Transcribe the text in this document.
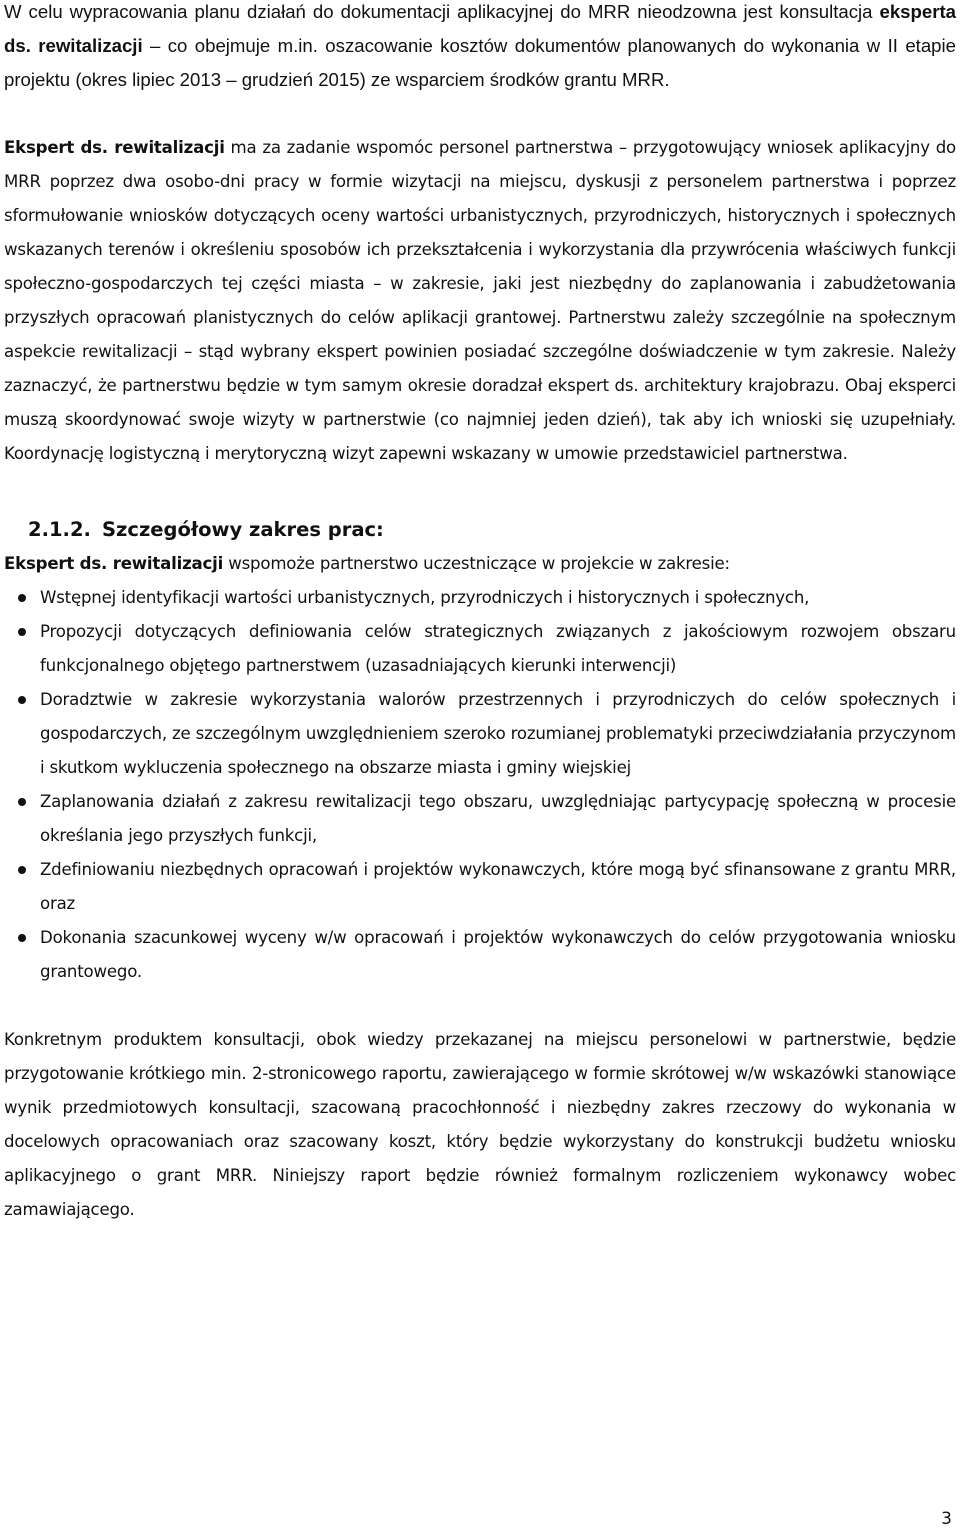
W celu wypracowania planu działań do dokumentacji aplikacyjnej do MRR nieodzowna jest konsultacja eksperta ds. rewitalizacji – co obejmuje m.in. oszacowanie kosztów dokumentów planowanych do wykonania w II etapie projektu (okres lipiec 2013 – grudzień 2015) ze wsparciem środków grantu MRR.

Ekspert ds. rewitalizacji ma za zadanie wspomóc personel partnerstwa – przygotowujący wniosek aplikacyjny do MRR poprzez dwa osobo-dni pracy w formie wizytacji na miejscu, dyskusji z personelem partnerstwa i poprzez sformułowanie wniosków dotyczących oceny wartości urbanistycznych, przyrodniczych, historycznych i społecznych wskazanych terenów i określeniu sposobów ich przekształcenia i wykorzystania dla przywrócenia właściwych funkcji społeczno-gospodarczych tej części miasta – w zakresie, jaki jest niezbędny do zaplanowania i zabudżetowania przyszłych opracowań planistycznych do celów aplikacji grantowej. Partnerstwu zależy szczególnie na społecznym aspekcie rewitalizacji – stąd wybrany ekspert powinien posiadać szczególne doświadczenie w tym zakresie. Należy zaznaczyć, że partnerstwu będzie w tym samym okresie doradzał ekspert ds. architektury krajobrazu. Obaj eksperci muszą skoordynować swoje wizyty w partnerstwie (co najmniej jeden dzień), tak aby ich wnioski się uzupełniały. Koordynację logistyczną i merytoryczną wizyt zapewni wskazany w umowie przedstawiciel partnerstwa.

2.1.2. Szczegółowy zakres prac:

Ekspert ds. rewitalizacji wspomoże partnerstwo uczestniczące w projekcie w zakresie:

Wstępnej identyfikacji wartości urbanistycznych, przyrodniczych i historycznych i społecznych,
Propozycji dotyczących definiowania celów strategicznych związanych z jakościowym rozwojem obszaru funkcjonalnego objętego partnerstwem (uzasadniających kierunki interwencji)
Doradztwie w zakresie wykorzystania walorów przestrzennych i przyrodniczych do celów społecznych i gospodarczych, ze szczególnym uwzględnieniem szeroko rozumianej problematyki przeciwdziałania przyczynom i skutkom wykluczenia społecznego na obszarze miasta i gminy wiejskiej
Zaplanowania działań z zakresu rewitalizacji tego obszaru, uwzględniając partycypację społeczną w procesie określania jego przyszłych funkcji,
Zdefiniowaniu niezbędnych opracowań i projektów wykonawczych, które mogą być sfinansowane z grantu MRR, oraz
Dokonania szacunkowej wyceny w/w opracowań i projektów wykonawczych do celów przygotowania wniosku grantowego.

Konkretnym produktem konsultacji, obok wiedzy przekazanej na miejscu personelowi w partnerstwie, będzie przygotowanie krótkiego min. 2-stronicowego raportu, zawierającego w formie skrótowej w/w wskazówki stanowiące wynik przedmiotowych konsultacji, szacowaną pracochłonność i niezbędny zakres rzeczowy do wykonania w docelowych opracowaniach oraz szacowany koszt, który będzie wykorzystany do konstrukcji budżetu wniosku aplikacyjnego o grant MRR. Niniejszy raport będzie również formalnym rozliczeniem wykonawcy wobec zamawiającego.

3
